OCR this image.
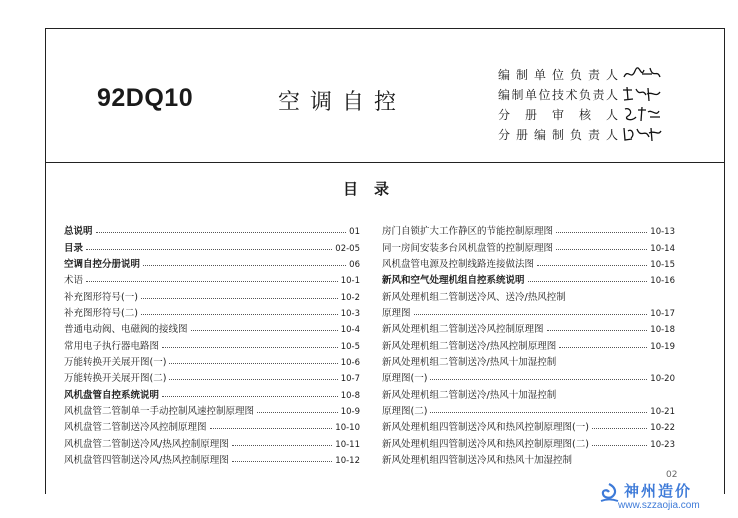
92DQ10	空调自控
编制单位负责人
编制单位技术负责人
分册审核人
分册编制负责人
目录
总说明	01
目录	02-05
空调自控分册说明	06
术语	10-1
补充图形符号(一)	10-2
补充图形符号(二)	10-3
普通电动阀、电磁阀的接线图	10-4
常用电子执行器电路图	10-5
万能转换开关展开图(一)	10-6
万能转换开关展开图(二)	10-7
风机盘管自控系统说明	10-8
风机盘管二管制单一手动控制风速控制原理图	10-9
风机盘管二管制送冷风控制原理图	10-10
风机盘管二管制送冷风/热风控制原理图	10-11
风机盘管四管制送冷风/热风控制原理图	10-12
房门自锁扩大工作静区的节能控制原理图	10-13
同一房间安装多台风机盘管的控制原理图	10-14
风机盘管电源及控制线路连接做法图	10-15
新风和空气处理机组自控系统说明	10-16
新风处理机组二管制送冷风、送冷/热风控制
原理图	10-17
新风处理机组二管制送冷风控制原理图	10-18
新风处理机组二管制送冷/热风控制原理图	10-19
新风处理机组二管制送冷/热风十加湿控制
原理图(一)	10-20
新风处理机组二管制送冷/热风十加湿控制
原理图(二)	10-21
新风处理机组四管制送冷风和热风控制原理图(一)	10-22
新风处理机组四管制送冷风和热风控制原理图(二)	10-23
新风处理机组四管制送冷风和热风十加湿控制
02
神州造价
www.szzaojia.com
